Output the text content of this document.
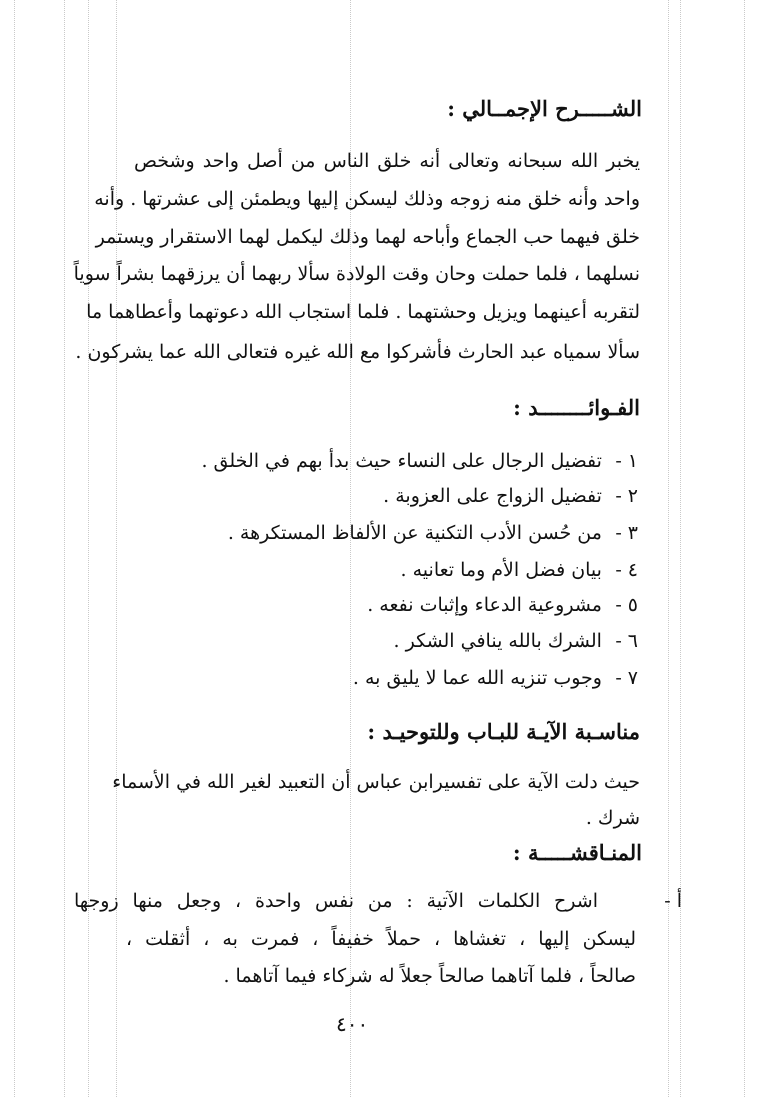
الشـــــرح الإجمــالي :
يخبر الله سبحانه وتعالى أنه خلق الناس من أصل واحد وشخص
واحد وأنه خلق منه زوجه وذلك ليسكن إليها ويطمئن إلى عشرتها . وأنه
خلق فيهما حب الجماع وأباحه لهما وذلك ليكمل لهما الاستقرار ويستمر
نسلهما ، فلما حملت وحان وقت الولادة سألا ربهما أن يرزقهما بشراً سوياً
لتقربه أعينهما ويزيل وحشتهما . فلما استجاب الله دعوتهما وأعطاهما ما
سألا سمياه عبد الحارث فأشركوا مع الله غيره فتعالى الله عما يشركون .
الفـوائــــــــد :
١ - تفضيل الرجال على النساء حيث بدأ بهم في الخلق .
٢ - تفضيل الزواج على العزوبة .
٣ - من حُسن الأدب التكنية عن الألفاظ المستكرهة .
٤ - بيان فضل الأم وما تعانيه .
٥ - مشروعية الدعاء وإثبات نفعه .
٦ - الشرك بالله ينافي الشكر .
٧ - وجوب تنزيه الله عما لا يليق به .
مناسـبة الآيـة للبـاب وللتوحيـد :
حيث دلت الآية على تفسيرابن عباس أن التعبيد لغير الله في الأسماء
شرك .
المنـاقشـــــة :
أ -
اشرح الكلمات الآتية : من نفس واحدة ، وجعل منها زوجها
ليسكن إليها ، تغشاها ، حملاً خفيفاً ، فمرت به ، أثقلت ،
صالحاً ، فلما آتاهما صالحاً جعلاً له شركاء فيما آتاهما .
٤٠٠
